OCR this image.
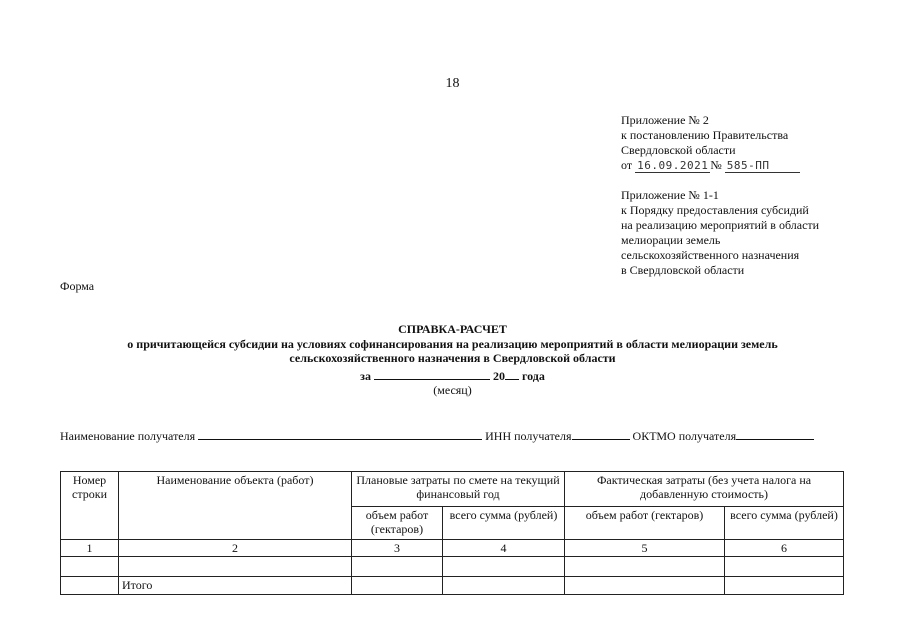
18
Приложение № 2
к постановлению Правительства
Свердловской области
от 16.09.2021 № 585-ПП
Приложение № 1-1
к Порядку предоставления субсидий
на реализацию мероприятий в области
мелиорации земель
сельскохозяйственного назначения
в Свердловской области
Форма
СПРАВКА-РАСЧЕТ
о причитающейся субсидии на условиях софинансирования на реализацию мероприятий в области мелиорации земель
сельскохозяйственного назначения в Свердловской области
за	20 года
(месяц)
Наименование получателя	ИНН получателя	ОКТМО получателя
Номер строки	Наименование объекта (работ)	Плановые затраты по смете на текущий финансовый год		Фактическая затраты (без учета налога на добавленную стоимость)	
		объем работ (гектаров)	всего сумма (рублей)	объем работ (гектаров)	всего сумма (рублей)
1	2	3	4	5	6

	Итого				
